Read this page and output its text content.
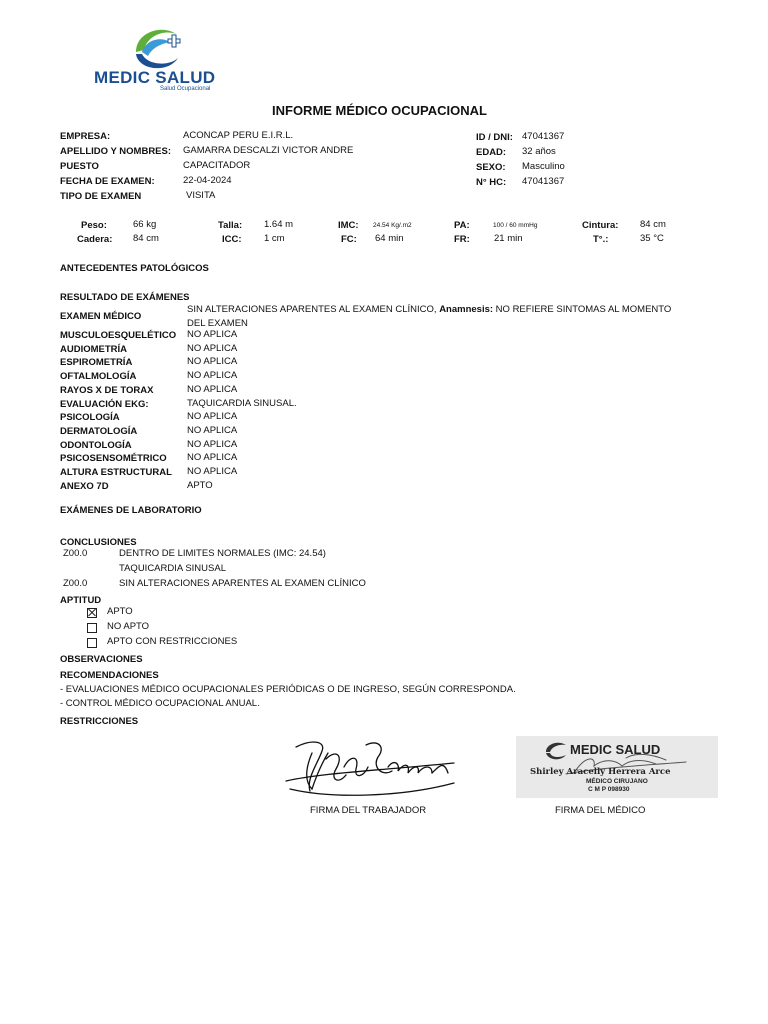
MEDIC SALUD
Salud Ocupacional
INFORME MÉDICO OCUPACIONAL
EMPRESA:	ACONCAP PERU E.I.R.L.
APELLIDO Y NOMBRES: GAMARRA DESCALZI VICTOR ANDRE
PUESTO	CAPACITADOR
FECHA DE EXAMEN:	22-04-2024
TIPO DE EXAMEN	VISITA
ID / DNI: 47041367
EDAD: 32 años
SEXO: Masculino
N° HC: 47041367
Peso:	66 kg	Talla: 1.64 m	IMC: 24.54 Kg/.m2	PA:	100 / 60 mmHg	Cintura: 84 cm
Cadera: 84 cm	ICC: 1 cm	FC: 64 min	FR:	21 min	T°.:	35 °C
ANTECEDENTES PATOLÓGICOS
RESULTADO DE EXÁMENES
EXAMEN MÉDICO
SIN ALTERACIONES APARENTES AL EXAMEN CLÍNICO, Anamnesis: NO REFIERE SINTOMAS AL MOMENTO
DEL EXAMEN
MUSCULOESQUELÉTICO NO APLICA
AUDIOMETRÍA	NO APLICA
ESPIROMETRÍA	NO APLICA
OFTALMOLOGÍA	NO APLICA
RAYOS X DE TORAX	NO APLICA
EVALUACIÓN EKG:	TAQUICARDIA SINUSAL.
PSICOLOGÍA	NO APLICA
DERMATOLOGÍA	NO APLICA
ODONTOLOGÍA	NO APLICA
PSICOSENSOMÉTRICO NO APLICA
ALTURA ESTRUCTURAL NO APLICA
ANEXO 7D	APTO
EXÁMENES DE LABORATORIO
CONCLUSIONES
Z00.0	DENTRO DE LIMITES NORMALES (IMC: 24.54)
TAQUICARDIA SINUSAL
Z00.0	SIN ALTERACIONES APARENTES AL EXAMEN CLÍNICO
APTITUD
APTO
NO APTO
APTO CON RESTRICCIONES
OBSERVACIONES
RECOMENDACIONES
- EVALUACIONES MÉDICO OCUPACIONALES PERIÓDICAS O DE INGRESO, SEGÚN CORRESPONDA.
- CONTROL MÉDICO OCUPACIONAL ANUAL.
RESTRICCIONES
FIRMA DEL TRABAJADOR
MEDIC SALUD
Shirley Aracelly Herrera Arce
MÉDICO CIRUJANO
C M P 098930
FIRMA DEL MÉDICO
